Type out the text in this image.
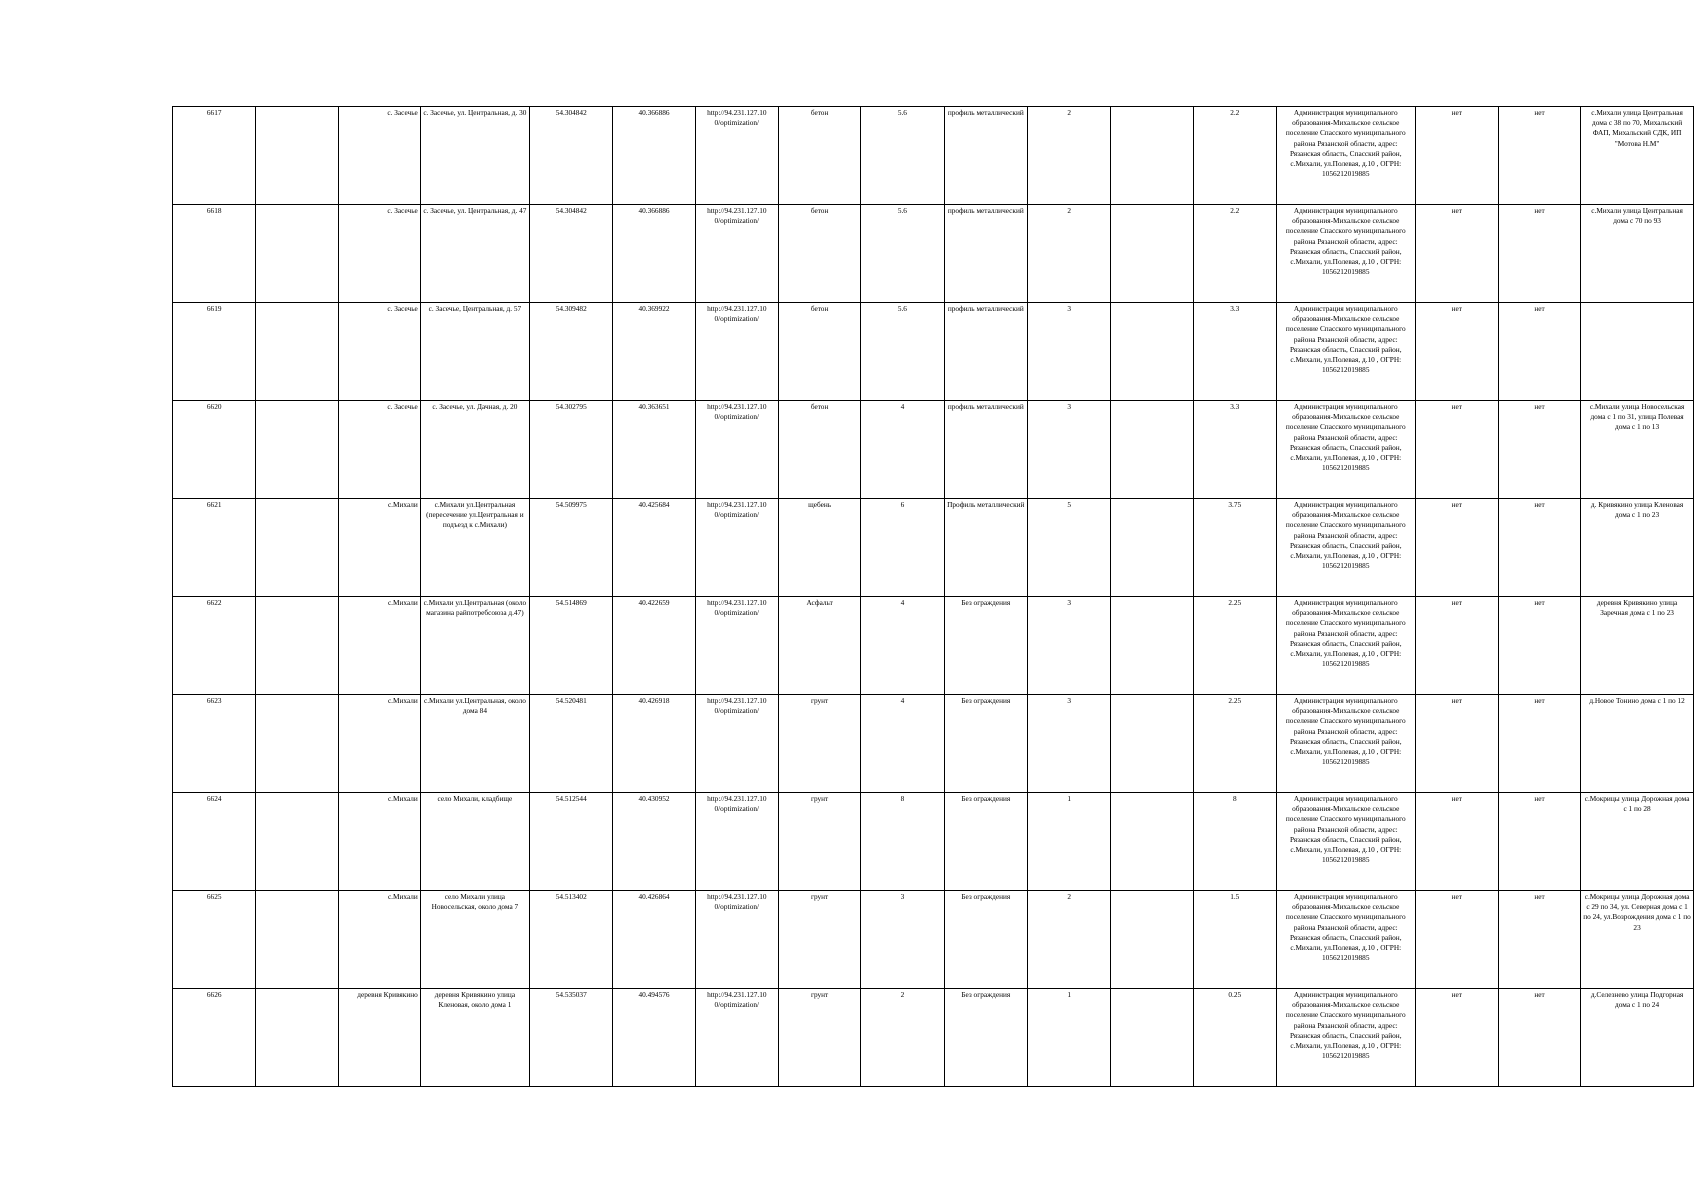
6617		с. Засечье	с. Засечье, ул. Центральная, д. 30	54.304842	40.366886	http://94.231.127.10 0/optimization/	бетон	5.6	профиль металлический	2		2.2	Администрация муниципального образования-Михальское сельское поселение Спасского муниципального района Рязанской области, адрес: Рязанская область, Спасский район, с.Михали, ул.Полевая, д.10 , ОГРН: 1056212019885	нет	нет	с.Михали улица Центральная дома с 38 по 70, Михальский ФАП, Михальский СДК, ИП "Мотова Н.М"
6618		с. Засечье	с. Засечье, ул. Центральная, д. 47	54.304842	40.366886	http://94.231.127.10 0/optimization/	бетон	5.6	профиль металлический	2		2.2	Администрация муниципального образования-Михальское сельское поселение Спасского муниципального района Рязанской области, адрес: Рязанская область, Спасский район, с.Михали, ул.Полевая, д.10 , ОГРН: 1056212019885	нет	нет	с.Михали улица Центральная дома с 70 по 93
6619		с. Засечье	с. Засечье, Центральная, д. 57	54.309482	40.369922	http://94.231.127.10 0/optimization/	бетон	5.6	профиль металлический	3		3.3	Администрация муниципального образования-Михальское сельское поселение Спасского муниципального района Рязанской области, адрес: Рязанская область, Спасский район, с.Михали, ул.Полевая, д.10 , ОГРН: 1056212019885	нет	нет	
6620		с. Засечье	с. Засечье, ул. Дачная, д. 20	54.302795	40.363651	http://94.231.127.10 0/optimization/	бетон	4	профиль металлический	3		3.3	Администрация муниципального образования-Михальское сельское поселение Спасского муниципального района Рязанской области, адрес: Рязанская область, Спасский район, с.Михали, ул.Полевая, д.10 , ОГРН: 1056212019885	нет	нет	с.Михали улица Новосельская дома с 1 по 31, улица Полевая дома с 1 по 13
6621		с.Михали	с.Михали ул.Центральная (пересечение ул.Центральная и подъезд к с.Михали)	54.509975	40.425684	http://94.231.127.10 0/optimization/	щебень	6	Профиль металлический	5		3.75	Администрация муниципального образования-Михальское сельское поселение Спасского муниципального района Рязанской области, адрес: Рязанская область, Спасский район, с.Михали, ул.Полевая, д.10 , ОГРН: 1056212019885	нет	нет	д. Кривякино улица Кленовая дома с 1 по 23
6622		с.Михали	с.Михали ул.Центральная (около магазина райпотребсоюза д.47)	54.514869	40.422659	http://94.231.127.10 0/optimization/	Асфальт	4	Без ограждения	3		2.25	Администрация муниципального образования-Михальское сельское поселение Спасского муниципального района Рязанской области, адрес: Рязанская область, Спасский район, с.Михали, ул.Полевая, д.10 , ОГРН: 1056212019885	нет	нет	деревня Кривякино улица Заречная дома с 1 по 23
6623		с.Михали	с.Михали ул.Центральная, около дома 84	54.520481	40.426918	http://94.231.127.10 0/optimization/	грунт	4	Без ограждения	3		2.25	Администрация муниципального образования-Михальское сельское поселение Спасского муниципального района Рязанской области, адрес: Рязанская область, Спасский район, с.Михали, ул.Полевая, д.10 , ОГРН: 1056212019885	нет	нет	д.Новое Тонино дома с 1 по 12
6624		с.Михали	село Михали, кладбище	54.512544	40.430952	http://94.231.127.10 0/optimization/	грунт	8	Без ограждения	1		8	Администрация муниципального образования-Михальское сельское поселение Спасского муниципального района Рязанской области, адрес: Рязанская область, Спасский район, с.Михали, ул.Полевая, д.10 , ОГРН: 1056212019885	нет	нет	с.Мокрицы улица Дорожная дома с 1 по 28
6625		с.Михали	село Михали улица Новосельская, около дома 7	54.513402	40.426864	http://94.231.127.10 0/optimization/	грунт	3	Без ограждения	2		1.5	Администрация муниципального образования-Михальское сельское поселение Спасского муниципального района Рязанской области, адрес: Рязанская область, Спасский район, с.Михали, ул.Полевая, д.10 , ОГРН: 1056212019885	нет	нет	с.Мокрицы улица Дорожная дома с 29 по 34, ул. Северная дома с 1 по 24, ул.Возрождения дома с 1 по 23
6626		деревня Кривякино	деревня Кривякино улица Кленовая, около дома 1	54.535037	40.494576	http://94.231.127.10 0/optimization/	грунт	2	Без ограждения	1		0.25	Администрация муниципального образования-Михальское сельское поселение Спасского муниципального района Рязанской области, адрес: Рязанская область, Спасский район, с.Михали, ул.Полевая, д.10 , ОГРН: 1056212019885	нет	нет	д.Селезнево улица Подгорная дома с 1 по 24
